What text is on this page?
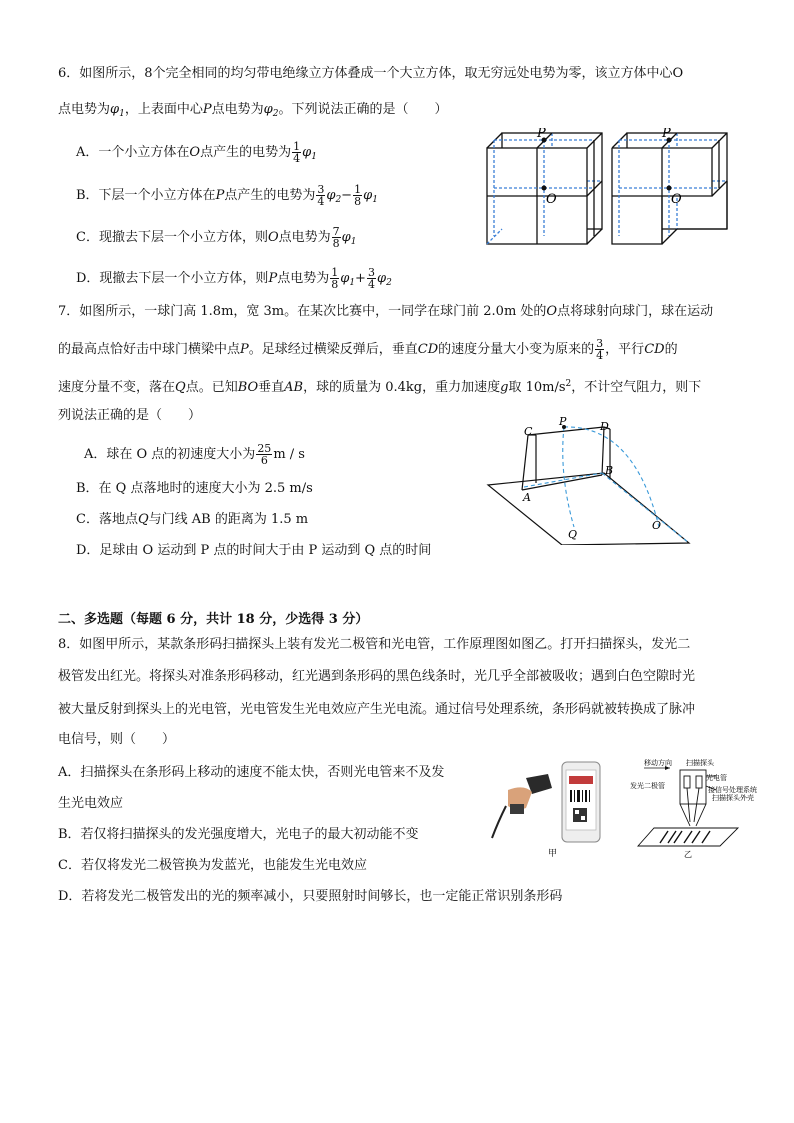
6．如图所示，8个完全相同的均匀带电绝缘立方体叠成一个大立方体，取无穷远处电势为零，该立方体中心O
点电势为$\varphi_1$，上表面中心P点电势为$\varphi_2$。下列说法正确的是（　　）
A．一个小立方体在O点产生的电势为 $\frac{1}{4} \varphi_1$
B．下层一个小立方体在P点产生的电势为 $\frac{3}{4} \varphi_2- \frac{1}{8} \varphi_1$
C．现撤去下层一个小立方体，则O点电势为 $\frac{7}{8} \varphi_1$
D．现撤去下层一个小立方体，则P点电势为 $\frac{1}{8} \varphi_1+ \frac{3}{4} \varphi_2$
P
O
P
O
7．如图所示，一球门高 1.8m，宽 3m。在某次比赛中，一同学在球门前 2.0m 处的O点将球射向球门，球在运动
的最高点恰好击中球门横梁中点P。足球经过横梁反弹后，垂直CD的速度分量大小变为原来的 $\frac{3}{4}$ ，平行CD的
速度分量不变，落在Q点。已知BO垂直AB，球的质量为 0.4kg，重力加速度g取 $10m/s^2$，不计空气阻力，则下
列说法正确的是（　　）
A．球在 O 点的初速度大小为 $\frac{25}{6}$ m / s
B．在 Q 点落地时的速度大小为 2.5 m/s
C．落地点Q与门线 AB 的距离为 1.5 m
D．足球由 O 运动到 P 点的时间大于由 P 运动到 Q 点的时间
C
P	D
B
A
Q
O
二、多选题（每题 6 分，共计 18 分，少选得 3 分）
8．如图甲所示，某款条形码扫描探头上装有发光二极管和光电管，工作原理图如图乙。打开扫描探头，发光二
极管发出红光。将探头对准条形码移动，红光遇到条形码的黑色线条时，光几乎全部被吸收；遇到白色空隙时光
被大量反射到探头上的光电管，光电管发生光电效应产生光电流。通过信号处理系统，条形码就被转换成了脉冲
电信号，则（　　）
A．扫描探头在条形码上移动的速度不能太快，否则光电管来不及发
生光电效应
B．若仅将扫描探头的发光强度增大，光电子的最大初动能不变
C．若仅将发光二极管换为发蓝光，也能发生光电效应
D．若将发光二极管发出的光的频率减小，只要照射时间够长，也一定能正常识别条形码
甲
移动方向 扫描探头
光电管
发光二极管	接信号处理系统
扫描探头外壳
乙
